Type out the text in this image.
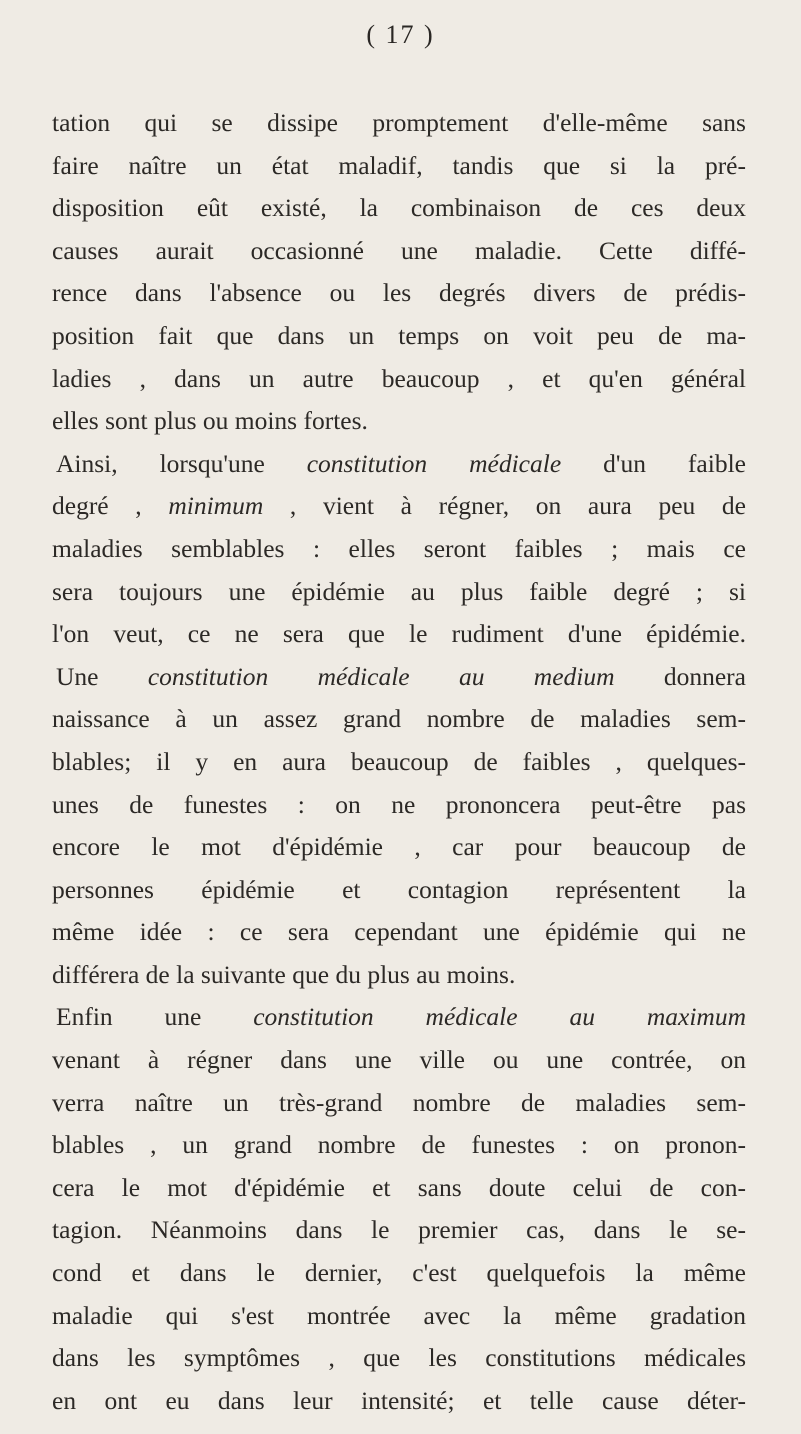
( 17 )
tation qui se dissipe promptement d'elle-même sans
faire naître un état maladif, tandis que si la pré-
disposition eût existé, la combinaison de ces deux
causes aurait occasionné une maladie. Cette diffé-
rence dans l'absence ou les degrés divers de prédis-
position fait que dans un temps on voit peu de ma-
ladies , dans un autre beaucoup , et qu'en général
elles sont plus ou moins fortes.
Ainsi, lorsqu'une constitution médicale d'un faible
degré , minimum , vient à régner, on aura peu de
maladies semblables : elles seront faibles ; mais ce
sera toujours une épidémie au plus faible degré ; si
l'on veut, ce ne sera que le rudiment d'une épidémie.
Une constitution médicale au medium donnera
naissance à un assez grand nombre de maladies sem-
blables; il y en aura beaucoup de faibles , quelques-
unes de funestes : on ne prononcera peut-être pas
encore le mot d'épidémie , car pour beaucoup de
personnes épidémie et contagion représentent la
même idée : ce sera cependant une épidémie qui ne
différera de la suivante que du plus au moins.
Enfin une constitution médicale au maximum
venant à régner dans une ville ou une contrée, on
verra naître un très-grand nombre de maladies sem-
blables , un grand nombre de funestes : on pronon-
cera le mot d'épidémie et sans doute celui de con-
tagion. Néanmoins dans le premier cas, dans le se-
cond et dans le dernier, c'est quelquefois la même
maladie qui s'est montrée avec la même gradation
dans les symptômes , que les constitutions médicales
en ont eu dans leur intensité; et telle cause déter-
